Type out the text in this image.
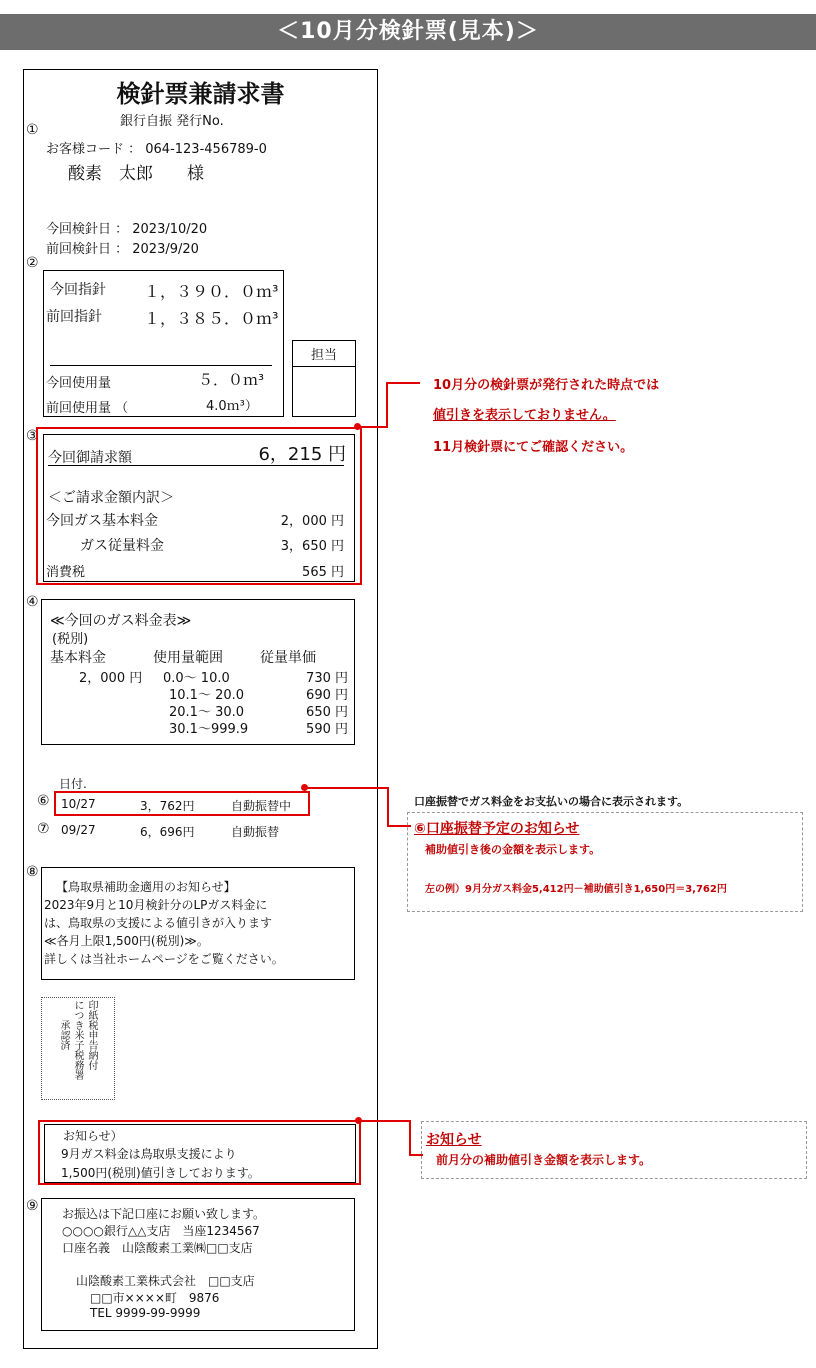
＜10月分検針票(見本)＞
検針票兼請求書
銀行自振 発行No.
①
お客様コード ： 064-123-456789-0
酸素　太郎　　様
今回検針日 ： 2023/10/20
前回検針日 ： 2023/9/20
②
今回指針 １，３９０．０ｍ³
前回指針	１，３８５．０ｍ³
今回使用量	５．０ｍ³
前回使用量 （	4.0ｍ³）
担当
③
今回御請求額	6，215 円
＜ご請求金額内訳＞
今回ガス基本料金	2，000 円
ガス従量料金	3，650 円
消費税	565 円
④
≪今回のガス料金表≫
(税別)
基本料金	使用量範囲	従量単価
2，000 円 0.0～ 10.0	730 円
10.1～ 20.0	690 円
20.1～ 30.0	650 円
30.1～999.9	590 円
日付.
⑥ 10/27	3，762円	自動振替中
⑦ 09/27	6，696円	自動振替
⑧
【鳥取県補助金適用のお知らせ】
2023年9月と10月検針分のLPガス料金に
は、鳥取県の支援による値引きが入ります
≪各月上限1,500円(税別)≫。
詳しくは当社ホームページをご覧ください。
印紙税申告納付
につき米子税務署
承認済
お知らせ）
9月ガス料金は鳥取県支援により
1,500円(税別)値引きしております。
⑨ お振込は下記口座にお願い致します。
○○○○銀行△△支店　当座1234567
口座名義　山陰酸素工業㈱□□支店
山陰酸素工業株式会社　□□支店
□□市××××町　9876
TEL 9999-99-9999
10月分の検針票が発行された時点では
値引きを表示しておりません。
11月検針票にてご確認ください。
口座振替でガス料金をお支払いの場合に表示されます。
⑥口座振替予定のお知らせ
補助値引き後の金額を表示します。
左の例）9月分ガス料金5,412円－補助値引き1,650円＝3,762円
お知らせ
前月分の補助値引き金額を表示します。
